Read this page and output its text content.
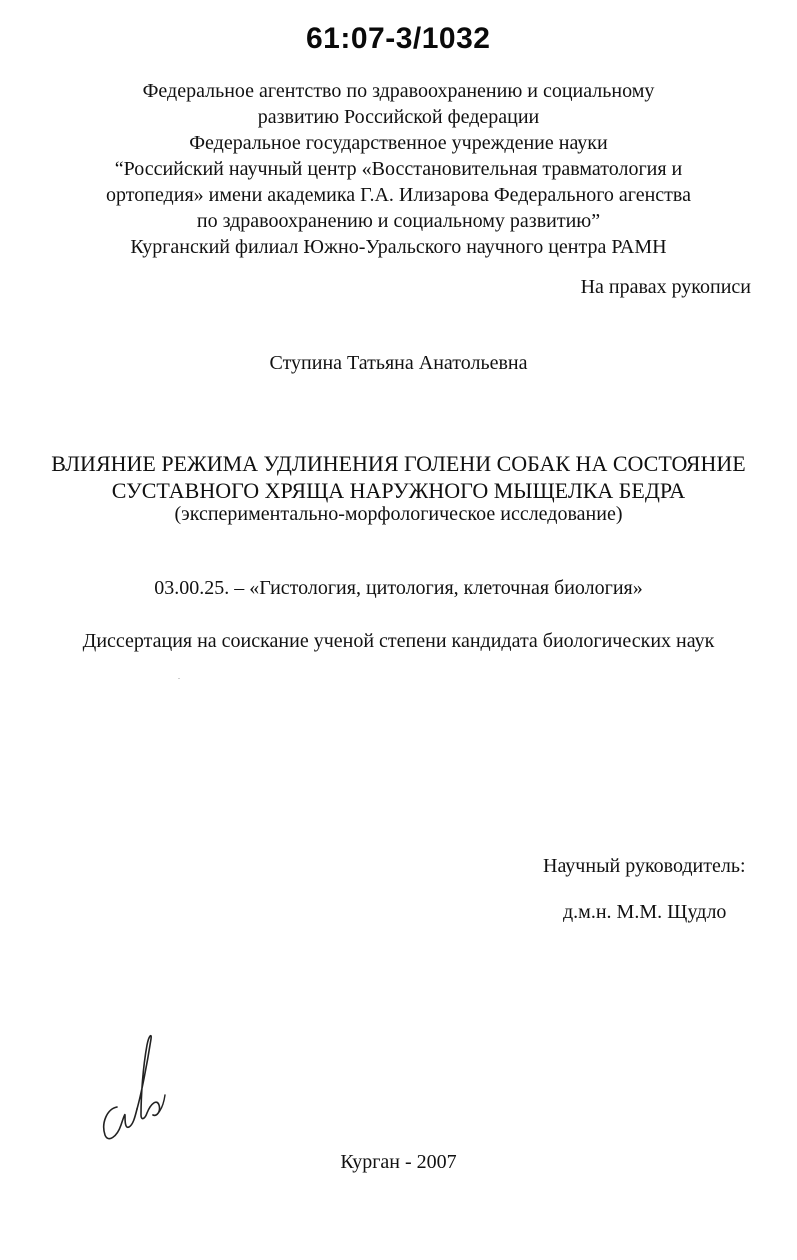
61:07-3/1032
Федеральное агентство по здравоохранению и социальному
развитию Российской федерации
Федеральное государственное учреждение науки
“Российский научный центр «Восстановительная травматология и
ортопедия» имени академика Г.А. Илизарова Федерального агенства
по здравоохранению и социальному развитию”
Курганский филиал Южно-Уральского научного центра РАМН
На правах рукописи
Ступина Татьяна Анатольевна
ВЛИЯНИЕ РЕЖИМА УДЛИНЕНИЯ ГОЛЕНИ СОБАК НА СОСТОЯНИЕ
СУСТАВНОГО ХРЯЩА НАРУЖНОГО МЫЩЕЛКА БЕДРА
(экспериментально-морфологическое исследование)
03.00.25. – «Гистология, цитология, клеточная биология»
Диссертация на соискание ученой степени кандидата биологических наук
Научный руководитель:
д.м.н. М.М. Щудло
Курган - 2007
